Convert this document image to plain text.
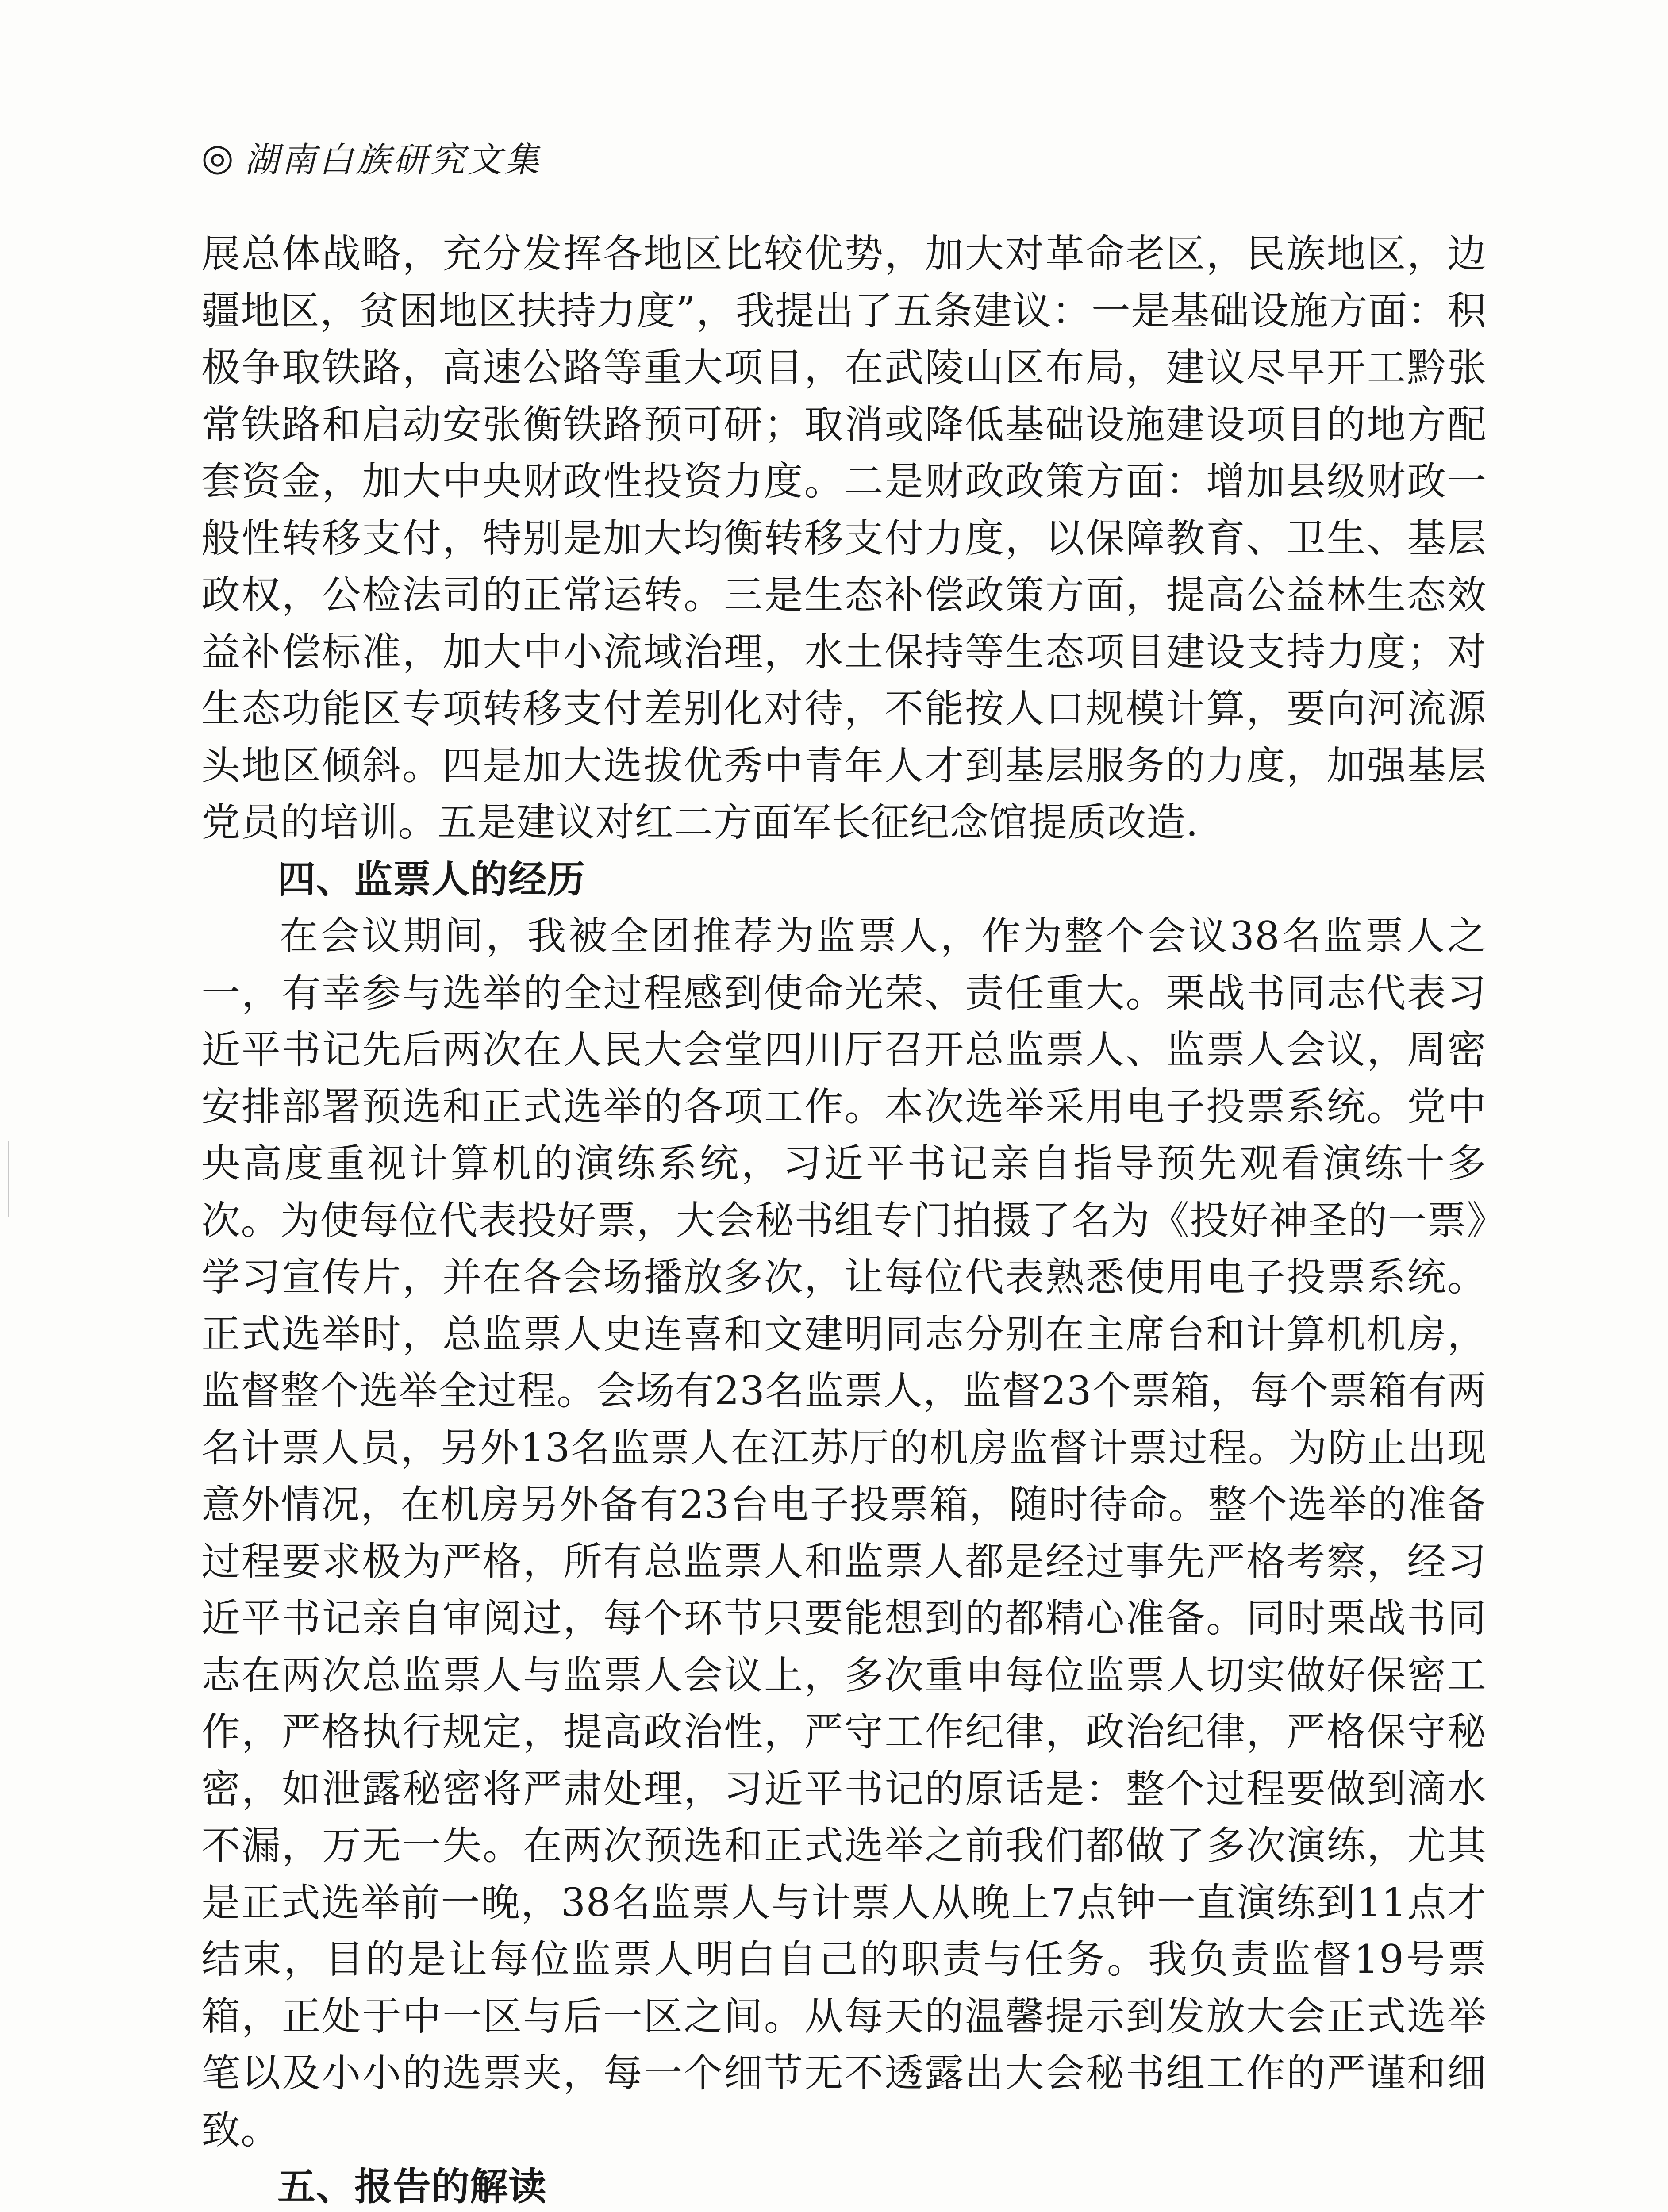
◎ 湖南白族研究文集

展总体战略，充分发挥各地区比较优势，加大对革命老区，民族地区，边疆地区，贫困地区扶持力度”，我提出了五条建议：一是基础设施方面：积极争取铁路，高速公路等重大项目，在武陵山区布局，建议尽早开工黔张常铁路和启动安张衡铁路预可研；取消或降低基础设施建设项目的地方配套资金，加大中央财政性投资力度。二是财政政策方面：增加县级财政一般性转移支付，特别是加大均衡转移支付力度，以保障教育、卫生、基层政权，公检法司的正常运转。三是生态补偿政策方面，提高公益林生态效益补偿标准，加大中小流域治理，水土保持等生态项目建设支持力度；对生态功能区专项转移支付差别化对待，不能按人口规模计算，要向河流源头地区倾斜。四是加大选拔优秀中青年人才到基层服务的力度，加强基层党员的培训。五是建议对红二方面军长征纪念馆提质改造.

四、监票人的经历

在会议期间，我被全团推荐为监票人，作为整个会议38名监票人之一，有幸参与选举的全过程感到使命光荣、责任重大。栗战书同志代表习近平书记先后两次在人民大会堂四川厅召开总监票人、监票人会议，周密安排部署预选和正式选举的各项工作。本次选举采用电子投票系统。党中央高度重视计算机的演练系统，习近平书记亲自指导预先观看演练十多次。为使每位代表投好票，大会秘书组专门拍摄了名为《投好神圣的一票》学习宣传片，并在各会场播放多次，让每位代表熟悉使用电子投票系统。正式选举时，总监票人史连喜和文建明同志分别在主席台和计算机机房，监督整个选举全过程。会场有23名监票人，监督23个票箱，每个票箱有两名计票人员，另外13名监票人在江苏厅的机房监督计票过程。为防止出现意外情况，在机房另外备有23台电子投票箱，随时待命。整个选举的准备过程要求极为严格，所有总监票人和监票人都是经过事先严格考察，经习近平书记亲自审阅过，每个环节只要能想到的都精心准备。同时栗战书同志在两次总监票人与监票人会议上，多次重申每位监票人切实做好保密工作，严格执行规定，提高政治性，严守工作纪律，政治纪律，严格保守秘密，如泄露秘密将严肃处理，习近平书记的原话是：整个过程要做到滴水不漏，万无一失。在两次预选和正式选举之前我们都做了多次演练，尤其是正式选举前一晚，38名监票人与计票人从晚上7点钟一直演练到11点才结束，目的是让每位监票人明白自己的职责与任务。我负责监督19号票箱，正处于中一区与后一区之间。从每天的温馨提示到发放大会正式选举笔以及小小的选票夹，每一个细节无不透露出大会秘书组工作的严谨和细致。

五、报告的解读
